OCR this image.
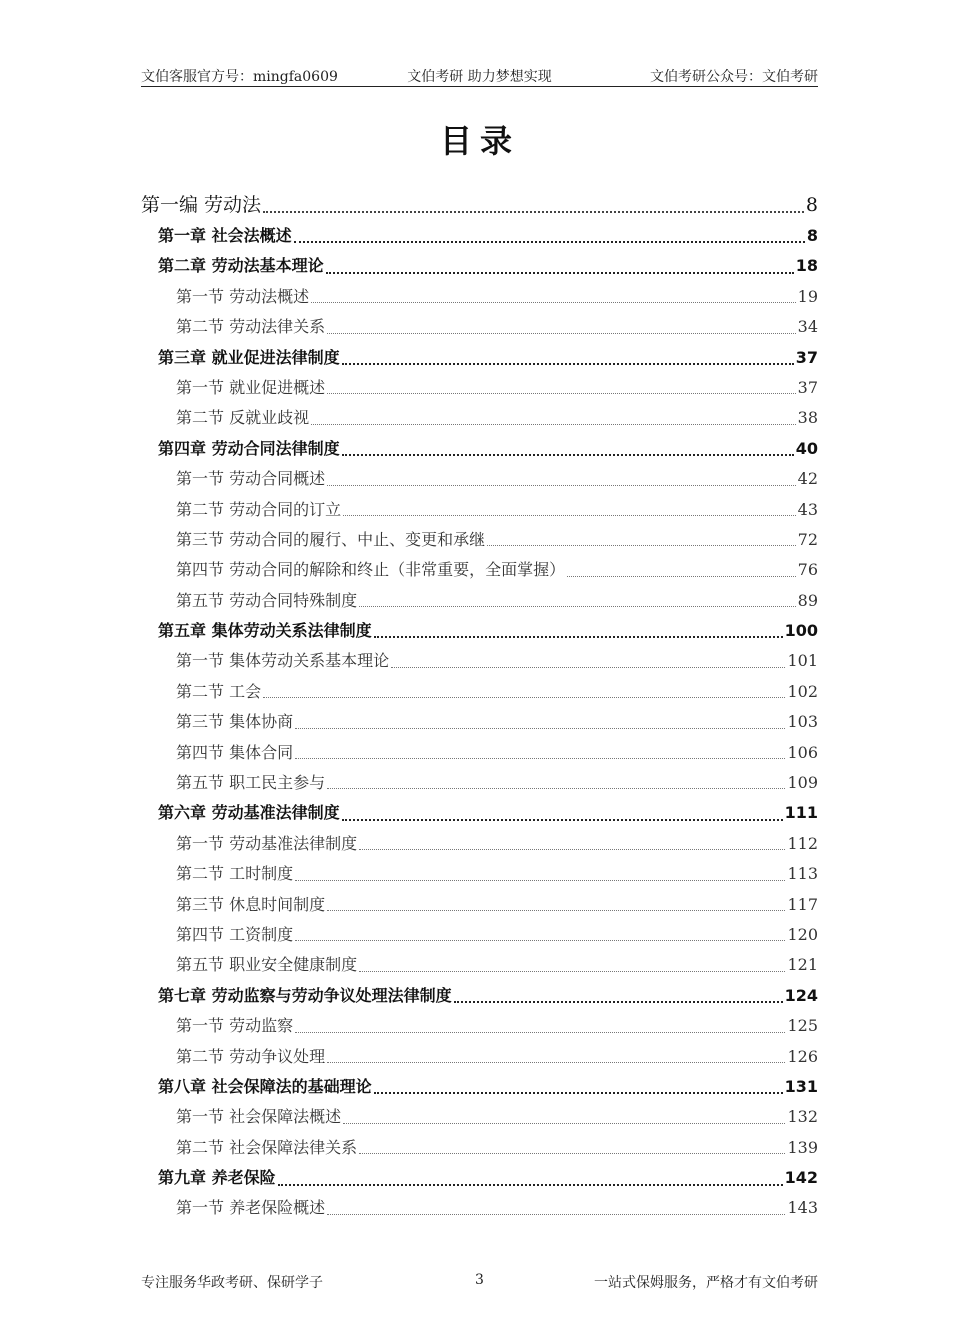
文伯客服官方号：mingfa0609	文伯考研 助力梦想实现	文伯考研公众号：文伯考研
目录
第一编 劳动法	8
第一章 社会法概述	8
第二章 劳动法基本理论	18
第一节 劳动法概述	19
第二节 劳动法律关系	34
第三章 就业促进法律制度	37
第一节 就业促进概述	37
第二节 反就业歧视	38
第四章 劳动合同法律制度	40
第一节 劳动合同概述	42
第二节 劳动合同的订立	43
第三节 劳动合同的履行、中止、变更和承继	72
第四节 劳动合同的解除和终止（非常重要，全面掌握）	76
第五节 劳动合同特殊制度	89
第五章 集体劳动关系法律制度	100
第一节 集体劳动关系基本理论	101
第二节 工会	102
第三节 集体协商	103
第四节 集体合同	106
第五节 职工民主参与	109
第六章 劳动基准法律制度	111
第一节 劳动基准法律制度	112
第二节 工时制度	113
第三节 休息时间制度	117
第四节 工资制度	120
第五节 职业安全健康制度	121
第七章 劳动监察与劳动争议处理法律制度	124
第一节 劳动监察	125
第二节 劳动争议处理	126
第八章 社会保障法的基础理论	131
第一节 社会保障法概述	132
第二节 社会保障法律关系	139
第九章 养老保险	142
第一节 养老保险概述	143
专注服务华政考研、保研学子	3	一站式保姆服务，严格才有文伯考研
